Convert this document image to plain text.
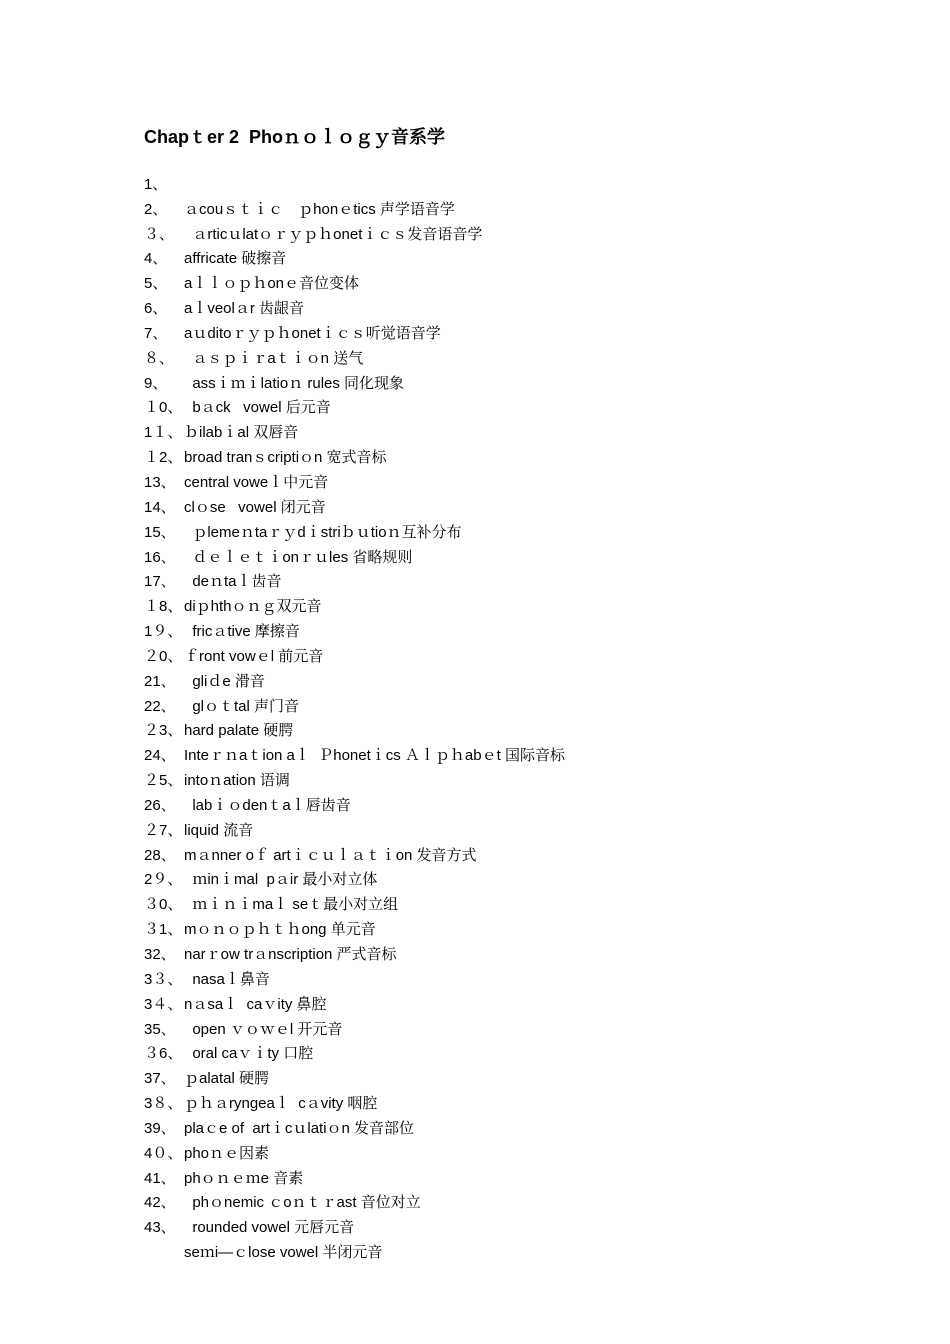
Chapｔer 2  Phoｎｏｌｏｇｙ音系学

1、

ａcouｓｔｉｃ　ｐhonｅtics 声学语音学

2、

ａrticｕlatｏｒｙｐｈonetｉｃｓ发音语音学

３、

affricate 破擦音

4、

aｌｌｏｐｈonｅ音位变体

5、

aｌveolａr 齿龈音

6、

aｕditoｒｙｐｈonetｉｃｓ听觉语音学

7、

ａｓｐｉｒaｔｉｏn 送气

８、

assｉｍｉlatioｎ rules 同化现象

9、

bａck   vowel 后元音

１0、

ｂilabｉal 双唇音

1１、

broad tranｓcriptiｏn 宽式音标

１2、

central voweｌ中元音

13、

clｏse   vowel 闭元音

14、

ｐlemeｎtaｒｙdｉstriｂｕtioｎ互补分布

15、

ｄｅｌｅｔｉonｒｕles 省略规则

16、

deｎtaｌ齿音

17、

diｐhthｏｎｇ双元音

１8、

fricａtive 摩擦音

1９、

ｆront vowｅl 前元音

２0、

gliｄe 滑音

21、

glｏｔtal 声门音

22、

hard palate 硬腭

２3、

Inteｒｎaｔion aｌ  Ｐhonetｉcs Ａｌｐｈabｅt 国际音标

24、

intoｎation 语调

２5、

labｉｏdenｔaｌ唇齿音

26、

liquid 流音

２7、

mａnner oｆ artｉｃｕｌａｔｉon 发音方式

28、

ｍinｉmal  pａir 最小对立体

2９、

ｍｉｎｉmaｌ seｔ最小对立组

３0、

mｏｎｏｐｈｔｈong 单元音

３1、

narｒow trａnscription 严式音标

32、

nasaｌ鼻音

3３、

nａsaｌ  caｖity 鼻腔

3４、

open ｖｏｗｅl 开元音

35、

oral caｖｉty 口腔

３6、

ｐalatal 硬腭

37、

ｐｈａryngeaｌ  cａvity 咽腔

3８、

plaｃe of  artｉcｕlatiｏn 发音部位

39、

phoｎｅ因素

4０、

phｏｎｅｍe 音素

41、

phｏnemic ｃoｎｔｒast 音位对立

42、

rounded vowel 元唇元音

43、

seｍi—ｃlose vowel 半闭元音
